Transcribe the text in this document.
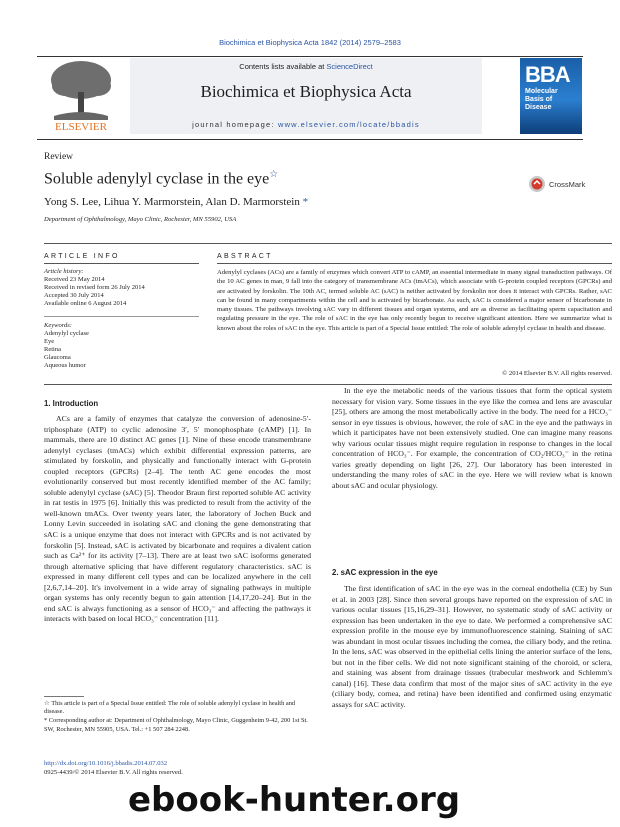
Biochimica et Biophysica Acta 1842 (2014) 2579–2583
ELSEVIER
Contents lists available at ScienceDirect
Biochimica et Biophysica Acta
journal homepage: www.elsevier.com/locate/bbadis
BBA
Molecular Basis of Disease
Review
Soluble adenylyl cyclase in the eye☆
CrossMark
Yong S. Lee, Lihua Y. Marmorstein, Alan D. Marmorstein *
Department of Ophthalmology, Mayo Clinic, Rochester, MN 55902, USA
ARTICLE INFO	ABSTRACT
Article history:
Received 23 May 2014
Received in revised form 26 July 2014
Accepted 30 July 2014
Available online 6 August 2014
Keywords:
Adenylyl cyclase
Eye
Retina
Glaucoma
Aqueous humor
Adenylyl cyclases (ACs) are a family of enzymes which convert ATP to cAMP, an essential intermediate in many signal transduction pathways. Of the 10 AC genes in man, 9 fall into the category of transmembrane ACs (tmACs), which associate with G-protein coupled receptors (GPCRs) and are activated by forskolin. The 10th AC, termed soluble AC (sAC) is neither activated by forskolin nor does it interact with GPCRs. Rather, sAC can be found in many compartments within the cell and is activated by bicarbonate. As such, sAC is considered a major sensor of bicarbonate in many tissues. The pathways involving sAC vary in different tissues and organ systems, and are as diverse as facilitating sperm capacitation and regulating pressure in the eye. The role of sAC in the eye has only recently begun to receive significant attention. Here we summarize what is known about the roles of sAC in the eye. This article is part of a Special Issue entitled: The role of soluble adenylyl cyclase in health and disease.
© 2014 Elsevier B.V. All rights reserved.
1. Introduction

ACs are a family of enzymes that catalyze the conversion of adenosine-5′-triphosphate (ATP) to cyclic adenosine 3′, 5′ monophosphate (cAMP) [1]. In mammals, there are 10 distinct AC genes [1]. Nine of these encode transmembrane adenylyl cyclases (tmACs) which exhibit differential expression patterns, are stimulated by forskolin, and physically and functionally interact with G-protein coupled receptors (GPCRs) [2–4]. The tenth AC gene encodes the most evolutionarily conserved but most recently identified member of the AC family; soluble adenylyl cyclase (sAC) [5]. Theodor Braun first reported soluble AC activity in rat testis in 1975 [6]. Initially this was predicted to result from the activity of the well-known tmACs. Over twenty years later, the laboratory of Jochen Buck and Lonny Levin succeeded in isolating sAC and cloning the gene demonstrating that sAC is a unique enzyme that does not interact with GPCRs and is not activated by forskolin [5]. Instead, sAC is activated by bicarbonate and requires a divalent cation such as Ca²⁺ for its activity [7–13]. There are at least two sAC isoforms generated through alternative splicing that have different regulatory characteristics. sAC is expressed in many different cell types and can be localized anywhere in the cell [2,6,7,14–20]. It's involvement in a wide array of signaling pathways in multiple organ systems has only recently begun to gain attention [14,17,20–24]. But in the end sAC is always functioning as a sensor of HCO₃⁻ and affecting the pathways it interacts with based on local HCO₃⁻ concentration [11].

In the eye the metabolic needs of the various tissues that form the optical system necessary for vision vary. Some tissues in the eye like the cornea and lens are avascular [25], others are among the most metabolically active in the body. The need for a HCO₃⁻ sensor in eye tissues is obvious, however, the role of sAC in the eye and the pathways in which it participates have not been extensively studied. One can imagine many reasons why various ocular tissues might require regulation in response to changes in the local concentration of HCO₃⁻. For example, the concentration of CO₂/HCO₃⁻ in the retina varies greatly depending on light [26, 27]. Our laboratory has been interested in understanding the many roles of sAC in the eye. Here we will review what is known about sAC and ocular physiology.

2. sAC expression in the eye

The first identification of sAC in the eye was in the corneal endothelia (CE) by Sun et al. in 2003 [28]. Since then several groups have reported on the expression of sAC in various ocular tissues [15,16,29–31]. However, no systematic study of sAC activity or expression has been undertaken in the eye to date. We performed a comprehensive sAC expression profile in the mouse eye by immunofluorescence staining. Staining of sAC was abundant in most ocular tissues including the cornea, the ciliary body, and the retina. In the lens, sAC was observed in the epithelial cells lining the anterior surface of the lens, but not in the fiber cells. We did not note significant staining of the choroid, or sclera, and staining was absent from drainage tissues (trabecular meshwork and Schlemm's canal) [16]. These data confirm that most of the major sites of sAC activity in the eye (ciliary body, cornea, and retina) have been identified and confirmed using enzymatic assays for sAC activity.

☆ This article is part of a Special Issue entitled: The role of soluble adenylyl cyclase in health and disease.

* Corresponding author at: Department of Ophthalmology, Mayo Clinic, Guggenheim 9-42, 200 1st St. SW, Rochester, MN 55905, USA. Tel.: +1 507 284 2248.

http://dx.doi.org/10.1016/j.bbadis.2014.07.032
0925-4439/© 2014 Elsevier B.V. All rights reserved.
ebook-hunter.org
